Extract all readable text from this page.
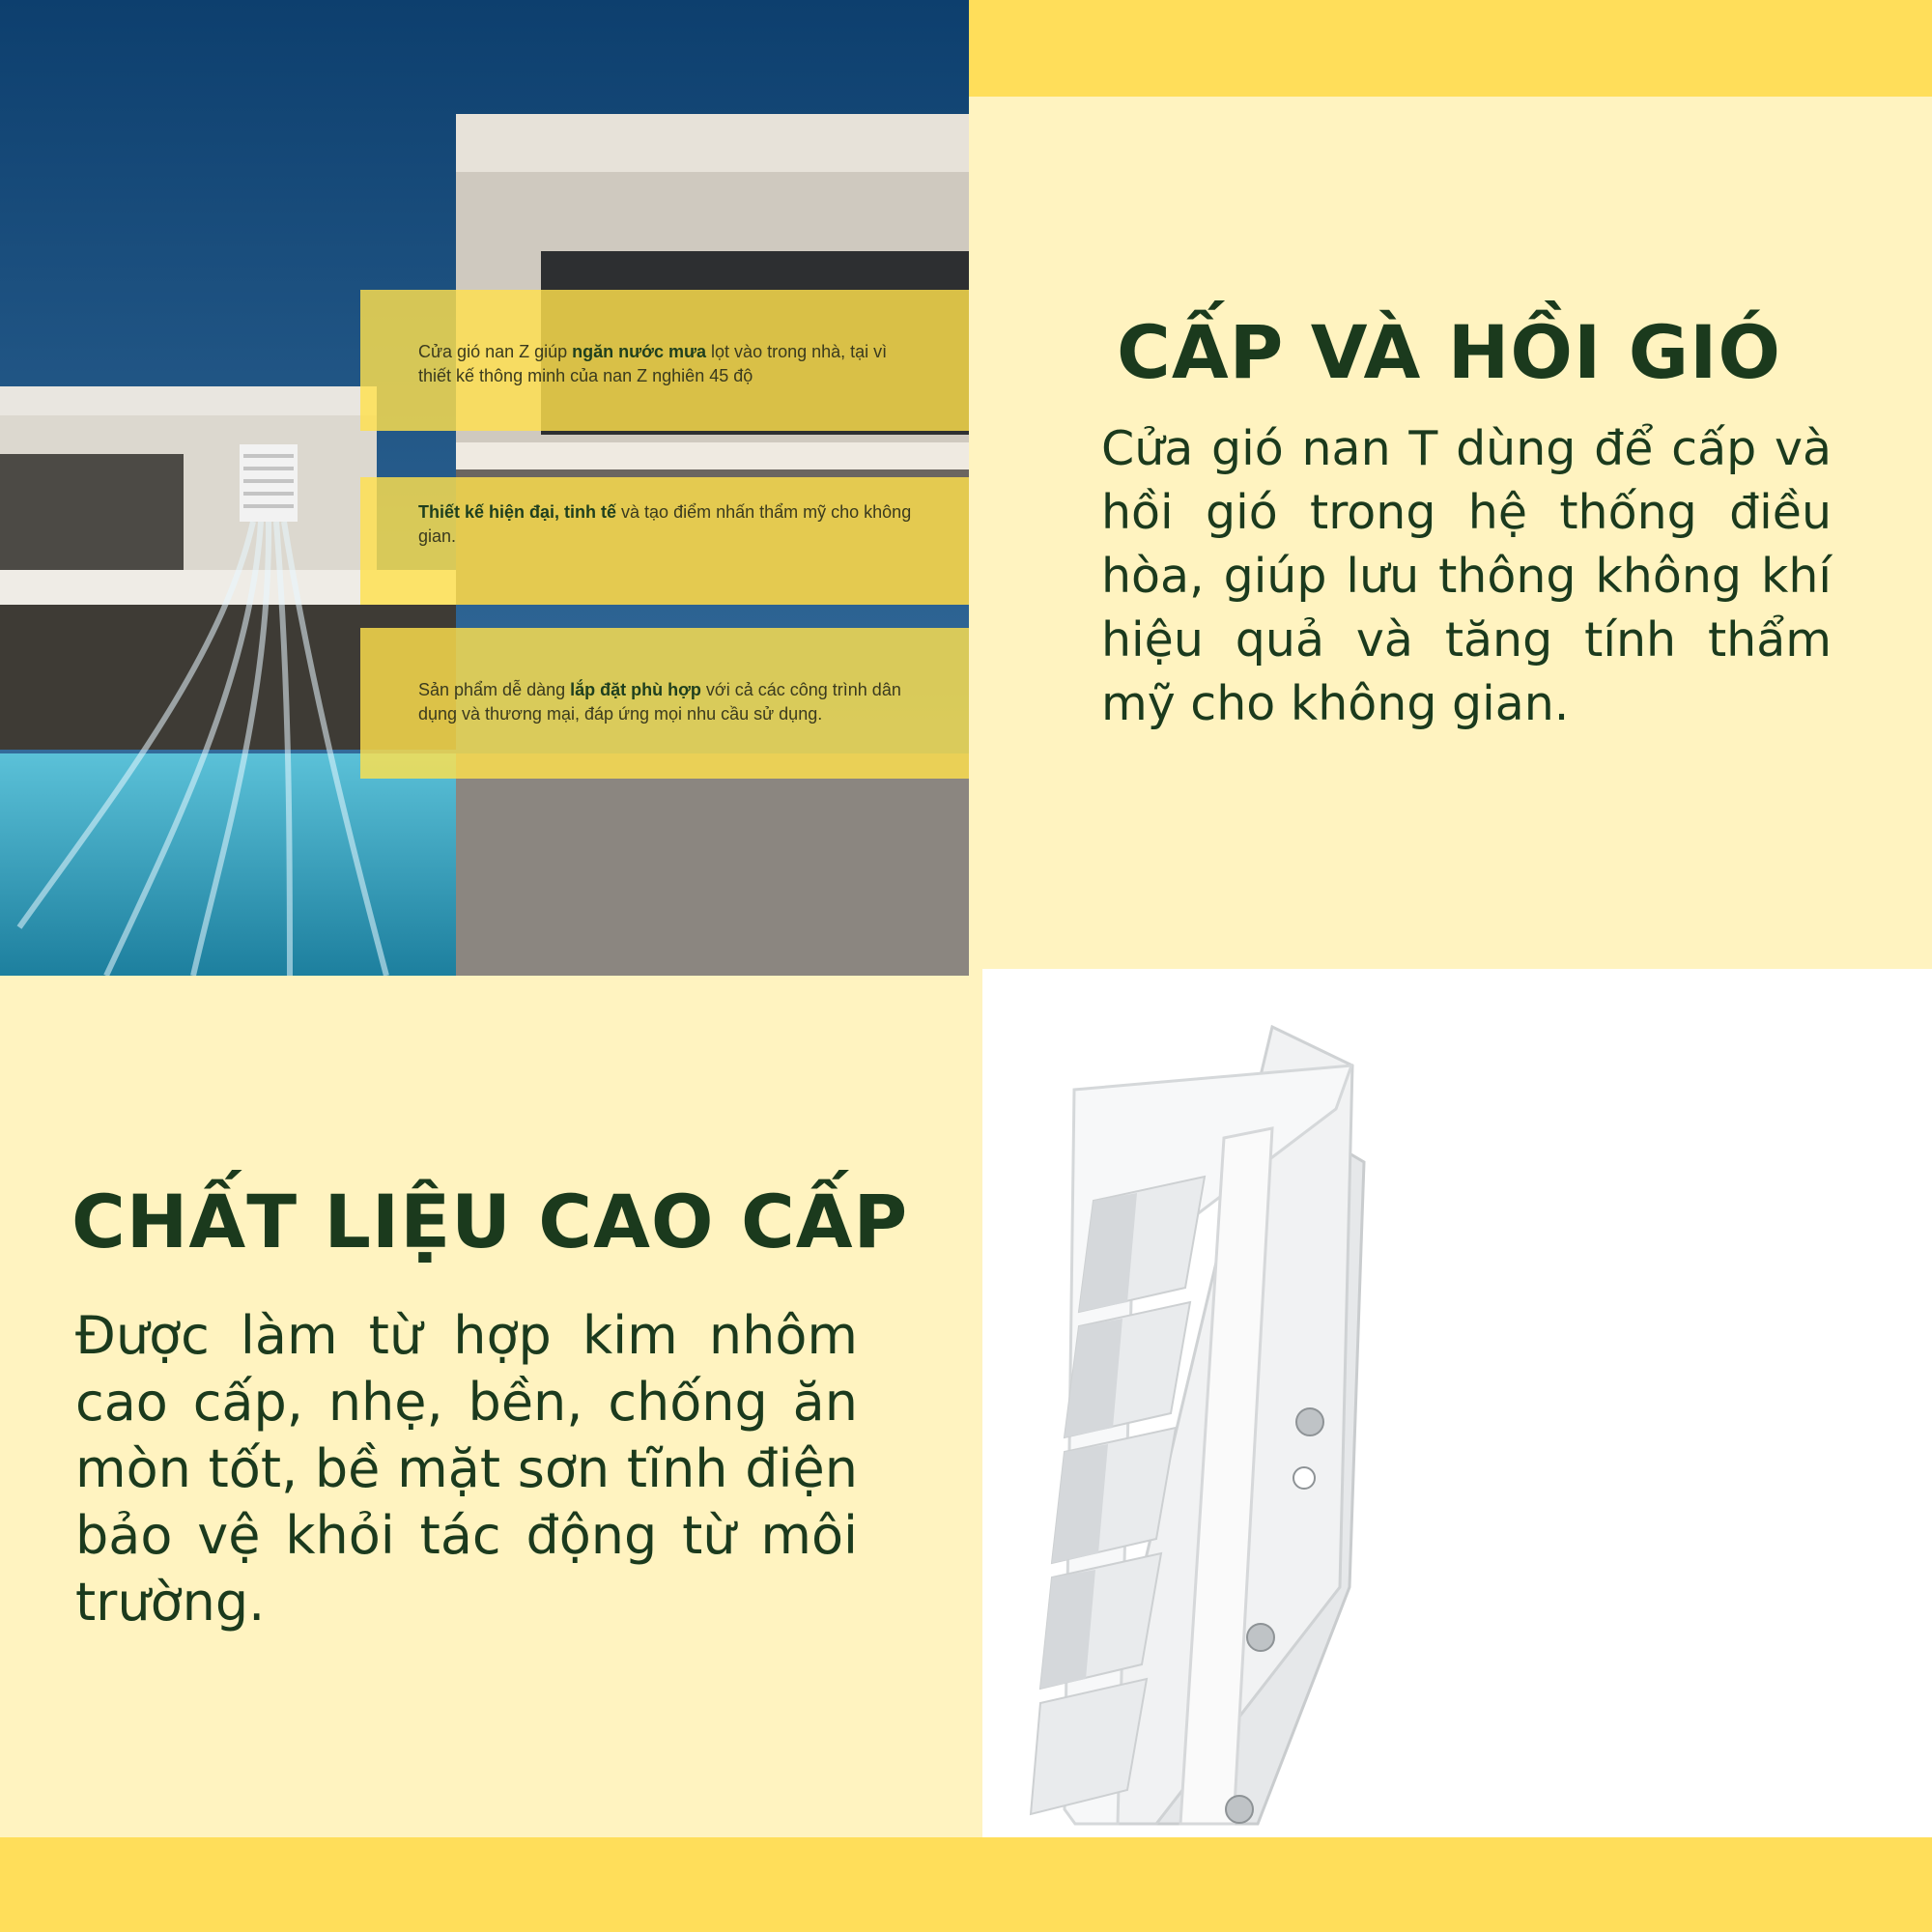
Cửa gió nan Z giúp ngăn nước mưa lọt vào trong nhà, tại vì thiết kế thông minh của nan Z nghiên 45 độ
Thiết kế hiện đại, tinh tế và tạo điểm nhấn thẩm mỹ cho không gian.
Sản phẩm dễ dàng lắp đặt phù hợp với cả các công trình dân dụng và thương mại, đáp ứng mọi nhu cầu sử dụng.
CẤP VÀ HỒI GIÓ
Cửa gió nan T dùng để cấp và hồi gió trong hệ thống điều hòa, giúp lưu thông không khí hiệu quả và tăng tính thẩm mỹ cho không gian.
CHẤT LIỆU CAO CẤP
Được làm từ hợp kim nhôm cao cấp, nhẹ, bền, chống ăn mòn tốt, bề mặt sơn tĩnh điện bảo vệ khỏi tác động từ môi trường.
